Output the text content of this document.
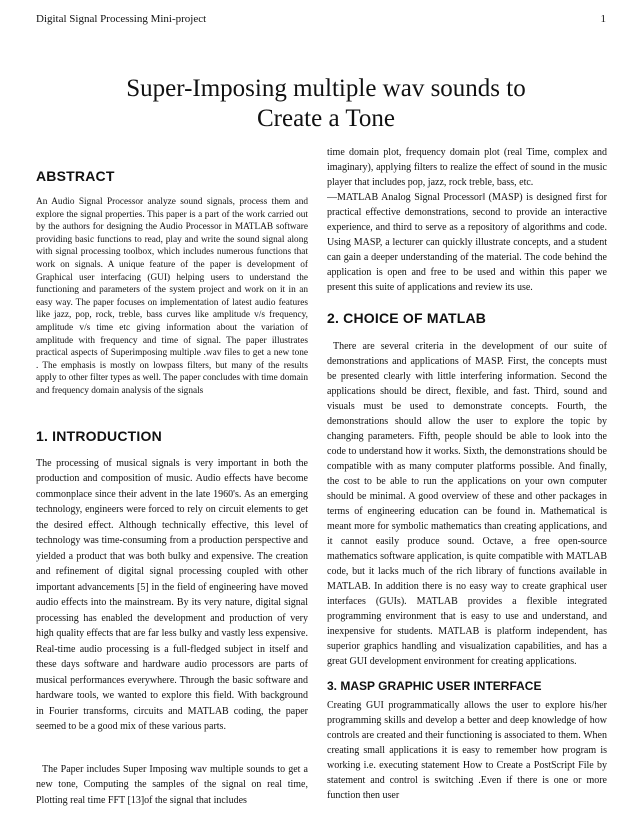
Digital Signal Processing Mini-project	1
Super-Imposing multiple wav sounds to
Create a Tone
ABSTRACT

An Audio Signal Processor analyze sound signals, process them and explore the signal properties. This paper is a part of the work carried out by the authors for designing the Audio Processor in MATLAB software providing basic functions to read, play and write the sound signal along with signal processing toolbox, which includes numerous functions that work on signals. A unique feature of the paper is development of Graphical user interfacing (GUI) helping users to understand the functioning and parameters of the system project and work on it in an easy way. The paper focuses on implementation of latest audio features like jazz, pop, rock, treble, bass curves like amplitude v/s frequency, amplitude v/s time etc giving information about the variation of amplitude with frequency and time of signal. The paper illustrates practical aspects of Superimposing multiple .wav files to get a new tone . The emphasis is mostly on lowpass filters, but many of the results apply to other filter types as well. The paper concludes with time domain and frequency domain analysis of the signals

1. INTRODUCTION

The processing of musical signals is very important in both the production and composition of music. Audio effects have become commonplace since their advent in the late 1960's. As an emerging technology, engineers were forced to rely on circuit elements to get the desired effect. Although technically effective, this level of technology was time-consuming from a production perspective and yielded a product that was both bulky and expensive. The creation and refinement of digital signal processing coupled with other important advancements [5] in the field of engineering have moved audio effects into the mainstream. By its very nature, digital signal processing has enabled the development and production of very high quality effects that are far less bulky and vastly less expensive. Real-time audio processing is a full-fledged subject in itself and these days software and hardware audio processors are parts of musical performances everywhere. Through the basic software and hardware tools, we wanted to explore this field. With background in Fourier transforms, circuits and MATLAB coding, the paper seemed to be a good mix of these various parts.

The Paper includes Super Imposing wav multiple sounds to get a new tone, Computing the samples of the signal on real time, Plotting real time FFT [13]of the signal that includes

time domain plot, frequency domain plot (real Time, complex and imaginary), applying filters to realize the effect of sound in the music player that includes pop, jazz, rock treble, bass, etc.

―MATLAB Analog Signal Processor‖ (MASP) is designed first for practical effective demonstrations, second to provide an interactive experience, and third to serve as a repository of algorithms and code. Using MASP, a lecturer can quickly illustrate concepts, and a student can gain a deeper understanding of the material. The code behind the application is open and free to be used and within this paper we present this suite of applications and review its use.

2. CHOICE OF MATLAB

There are several criteria in the development of our suite of demonstrations and applications of MASP. First, the concepts must be presented clearly with little interfering information. Second the applications should be direct, flexible, and fast. Third, sound and visuals must be used to demonstrate concepts. Fourth, the demonstrations should allow the user to explore the topic by changing parameters. Fifth, people should be able to look into the code to understand how it works. Sixth, the demonstrations should be compatible with as many computer platforms possible. And finally, the cost to be able to run the applications on your own computer should be minimal. A good overview of these and other packages in terms of engineering education can be found in. Mathematical is meant more for symbolic mathematics than creating applications, and it cannot easily produce sound. Octave, a free open-source mathematics software application, is quite compatible with MATLAB code, but it lacks much of the rich library of functions available in MATLAB. In addition there is no easy way to create graphical user interfaces (GUIs). MATLAB provides a flexible integrated programming environment that is easy to use and understand, and inexpensive for students. MATLAB is platform independent, has superior graphics handling and visualization capabilities, and has a great GUI development environment for creating applications.

3. MASP GRAPHIC USER INTERFACE

Creating GUI programmatically allows the user to explore his/her programming skills and develop a better and deep knowledge of how controls are created and their functioning is associated to them. When creating small applications it is easy to remember how program is working i.e. executing statement How to Create a PostScript File by statement and control is switching .Even if there is one or more function then user
